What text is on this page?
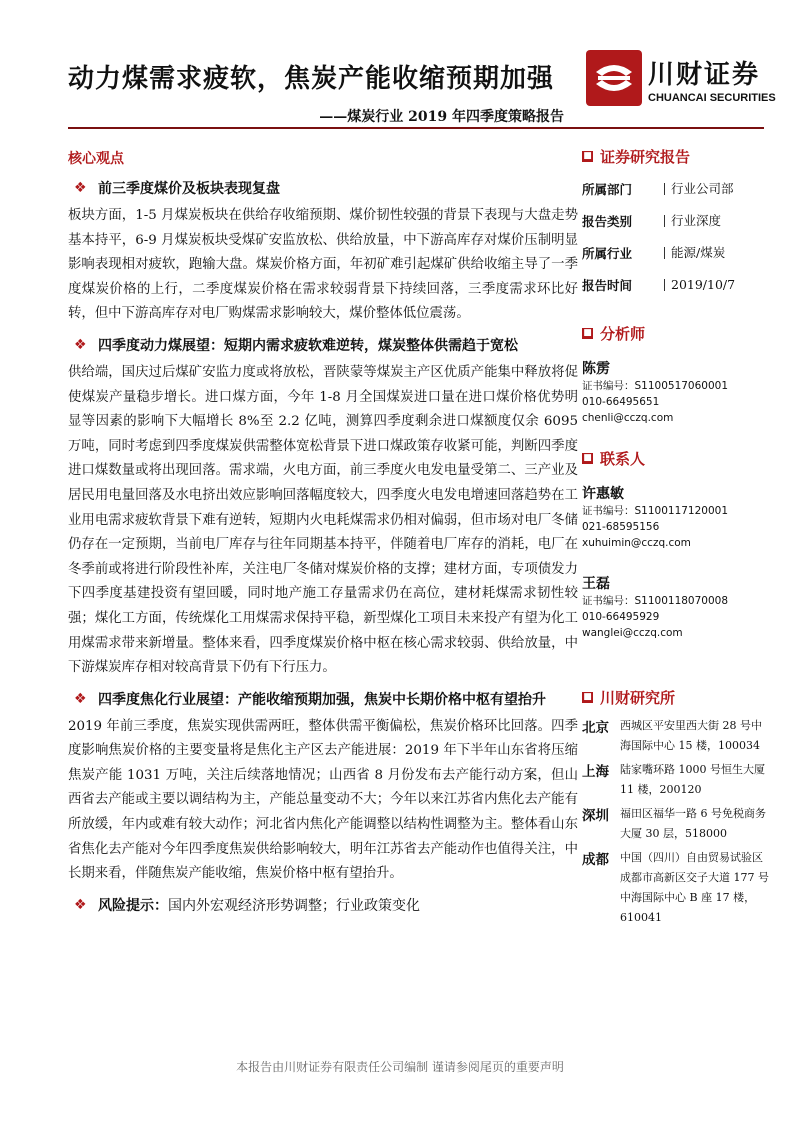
动力煤需求疲软，焦炭产能收缩预期加强
——煤炭行业 2019 年四季度策略报告
川财证券
CHUANCAI SECURITIES
核心观点
❖ 前三季度煤价及板块表现复盘

板块方面，1-5 月煤炭板块在供给存收缩预期、煤价韧性较强的背景下表现与大盘走势基本持平，6-9 月煤炭板块受煤矿安监放松、供给放量，中下游高库存对煤价压制明显影响表现相对疲软，跑输大盘。煤炭价格方面，年初矿难引起煤矿供给收缩主导了一季度煤炭价格的上行，二季度煤炭价格在需求较弱背景下持续回落，三季度需求环比好转，但中下游高库存对电厂购煤需求影响较大，煤价整体低位震荡。

❖ 四季度动力煤展望：短期内需求疲软难逆转，煤炭整体供需趋于宽松

供给端，国庆过后煤矿安监力度或将放松，晋陕蒙等煤炭主产区优质产能集中释放将促使煤炭产量稳步增长。进口煤方面，今年 1-8 月全国煤炭进口量在进口煤价格优势明显等因素的影响下大幅增长 8%至 2.2 亿吨，测算四季度剩余进口煤额度仅余 6095 万吨，同时考虑到四季度煤炭供需整体宽松背景下进口煤政策存收紧可能，判断四季度进口煤数量或将出现回落。需求端，火电方面，前三季度火电发电量受第二、三产业及居民用电量回落及水电挤出效应影响回落幅度较大，四季度火电发电增速回落趋势在工业用电需求疲软背景下难有逆转，短期内火电耗煤需求仍相对偏弱，但市场对电厂冬储仍存在一定预期，当前电厂库存与往年同期基本持平，伴随着电厂库存的消耗，电厂在冬季前或将进行阶段性补库，关注电厂冬储对煤炭价格的支撑；建材方面，专项债发力下四季度基建投资有望回暖，同时地产施工存量需求仍在高位，建材耗煤需求韧性较强；煤化工方面，传统煤化工用煤需求保持平稳，新型煤化工项目未来投产有望为化工用煤需求带来新增量。整体来看，四季度煤炭价格中枢在核心需求较弱、供给放量，中下游煤炭库存相对较高背景下仍有下行压力。

❖ 四季度焦化行业展望：产能收缩预期加强，焦炭中长期价格中枢有望抬升

2019 年前三季度，焦炭实现供需两旺，整体供需平衡偏松，焦炭价格环比回落。四季度影响焦炭价格的主要变量将是焦化主产区去产能进展：2019 年下半年山东省将压缩焦炭产能 1031 万吨，关注后续落地情况；山西省 8 月份发布去产能行动方案，但山西省去产能或主要以调结构为主，产能总量变动不大；今年以来江苏省内焦化去产能有所放缓，年内或难有较大动作；河北省内焦化产能调整以结构性调整为主。整体看山东省焦化去产能对今年四季度焦炭供给影响较大，明年江苏省去产能动作也值得关注，中长期来看，伴随焦炭产能收缩，焦炭价格中枢有望抬升。

❖ 风险提示： 国内外宏观经济形势调整；行业政策变化
■ 证券研究报告
所属部门	行业公司部
报告类别	行业深度
所属行业	能源/煤炭
报告时间	2019/10/7
■ 分析师
陈雳
证书编号：S1100517060001
010-66495651
chenli@cczq.com
■ 联系人
许惠敏
证书编号：S1100117120001
021-68595156
xuhuimin@cczq.com
王磊
证书编号：S1100118070008
010-66495929
wanglei@cczq.com
■ 川财研究所
北京	西城区平安里西大街 28 号中海国际中心 15 楼，100034
上海	陆家嘴环路 1000 号恒生大厦 11 楼，200120
深圳	福田区福华一路 6 号免税商务大厦 30 层，518000
成都	中国（四川）自由贸易试验区成都市高新区交子大道 177 号中海国际中心 B 座 17 楼，610041
本报告由川财证券有限责任公司编制 谨请参阅尾页的重要声明
